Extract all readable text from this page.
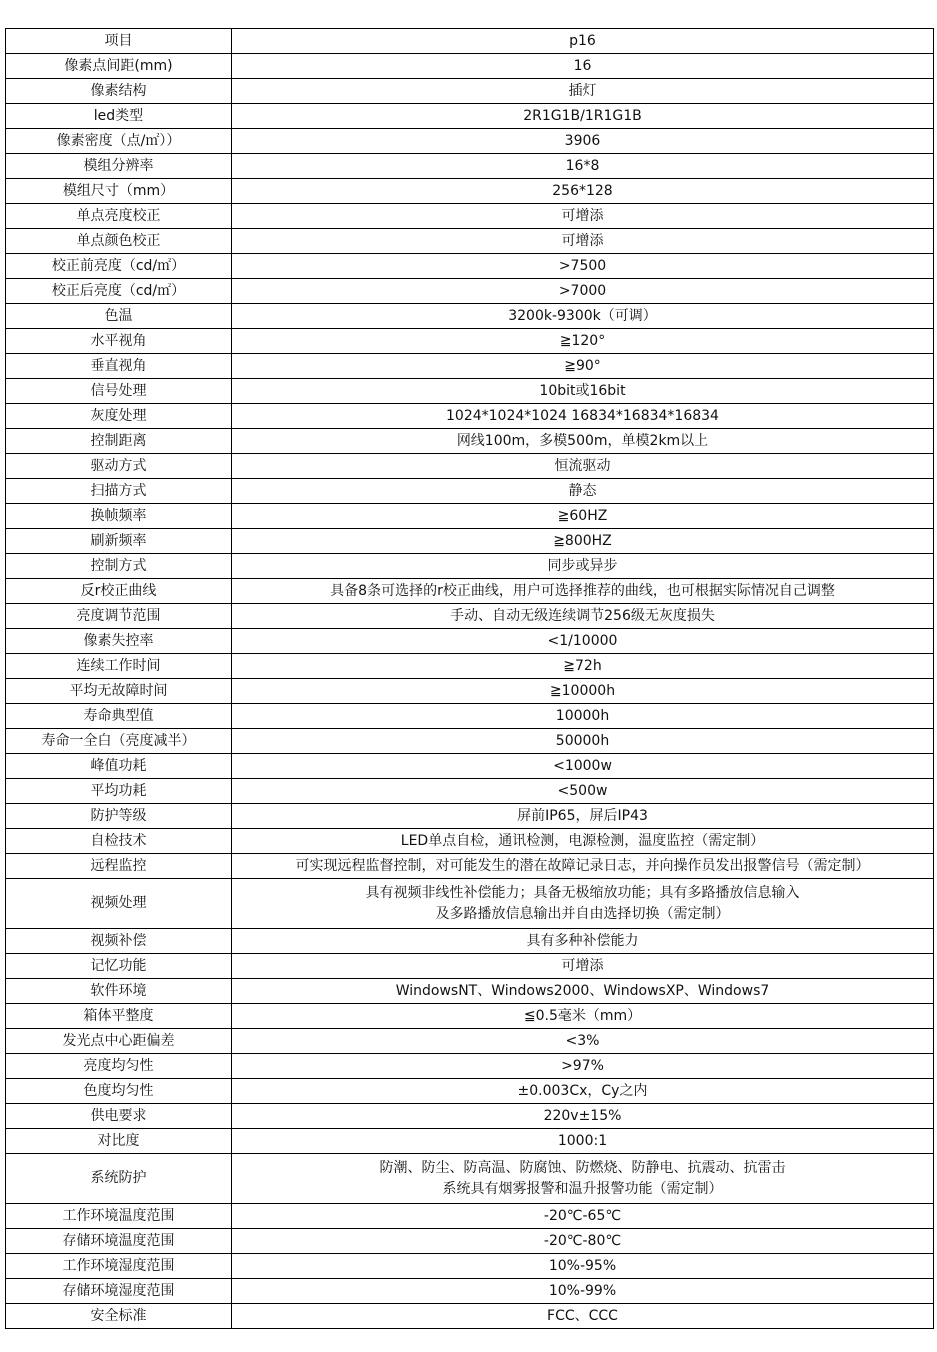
项目	p16
像素点间距(mm)	16
像素结构	插灯
led类型	2R1G1B/1R1G1B
像素密度（点/㎡））	3906
模组分辨率	16*8
模组尺寸（mm）	256*128
单点亮度校正	可增添
单点颜色校正	可增添
校正前亮度（cd/㎡）	>7500
校正后亮度（cd/㎡）	>7000
色温	3200k-9300k（可调）
水平视角	≧120°
垂直视角	≧90°
信号处理	10bit或16bit
灰度处理	1024*1024*1024 16834*16834*16834
控制距离	网线100m，多模500m，单模2km以上
驱动方式	恒流驱动
扫描方式	静态
换帧频率	≧60HZ
刷新频率	≧800HZ
控制方式	同步或异步
反r校正曲线	具备8条可选择的r校正曲线，用户可选择推荐的曲线，也可根据实际情况自己调整
亮度调节范围	手动、自动无级连续调节256级无灰度损失
像素失控率	<1/10000
连续工作时间	≧72h
平均无故障时间	≧10000h
寿命典型值	10000h
寿命一全白（亮度减半）	50000h
峰值功耗	<1000w
平均功耗	<500w
防护等级	屏前IP65，屏后IP43
自检技术	LED单点自检，通讯检测，电源检测，温度监控（需定制）
远程监控	可实现远程监督控制，对可能发生的潜在故障记录日志，并向操作员发出报警信号（需定制）
视频处理	具有视频非线性补偿能力；具备无极缩放功能；具有多路播放信息输入
及多路播放信息输出并自由选择切换（需定制）

视频补偿	具有多种补偿能力
记忆功能	可增添
软件环境	WindowsNT、Windows2000、WindowsXP、Windows7
箱体平整度	≦0.5毫米（mm）
发光点中心距偏差	<3%
亮度均匀性	>97%
色度均匀性	±0.003Cx，Cy之内
供电要求	220v±15%
对比度	1000:1
系统防护	防潮、防尘、防高温、防腐蚀、防燃烧、防静电、抗震动、抗雷击
系统具有烟雾报警和温升报警功能（需定制）

工作环境温度范围	-20℃-65℃
存储环境温度范围	-20℃-80℃
工作环境湿度范围	10%-95%
存储环境湿度范围	10%-99%
安全标准	FCC、CCC
